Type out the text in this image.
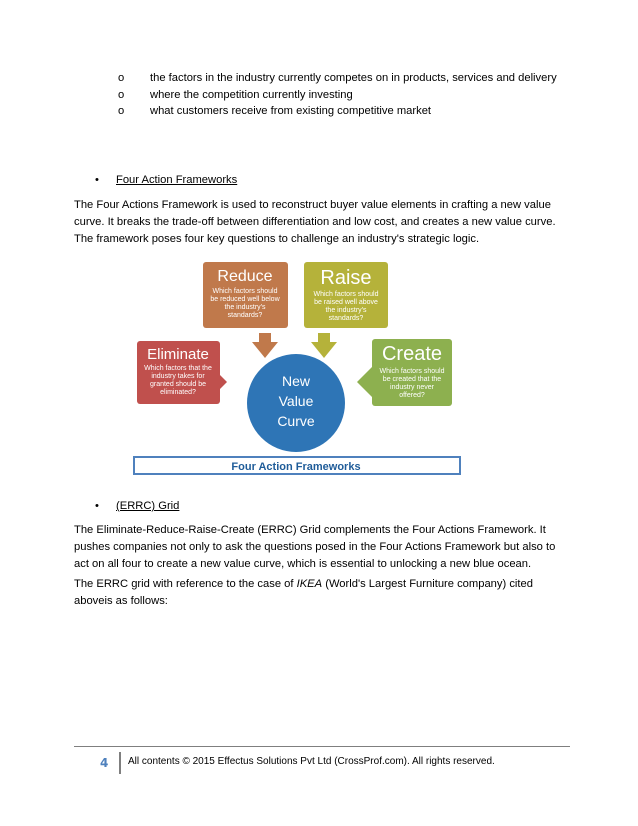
o the factors in the industry currently competes on in products, services and delivery
o where the competition currently investing
o what customers receive from existing competitive market
• Four Action Frameworks

The Four Actions Framework is used to reconstruct buyer value elements in crafting a new value curve. It breaks the trade-off between differentiation and low cost, and creates a new value curve. The framework poses four key questions to challenge an industry's strategic logic.

New
Value
Curve
Eliminate
Which factors that the
industry takes for
granted should be
eliminated?
Reduce
Which factors should
be reduced well below
the industry's
standards?
Raise
Which factors should
be raised well above
the industry's
standards?
Create
Which factors should
be created that the
industry never
offered?
Four Action Frameworks
• (ERRC) Grid

The Eliminate-Reduce-Raise-Create (ERRC) Grid complements the Four Actions Framework. It pushes companies not only to ask the questions posed in the Four Actions Framework but also to act on all four to create a new value curve, which is essential to unlocking a new blue ocean.

The ERRC grid with reference to the case of IKEA (World's Largest Furniture company) cited aboveis as follows:

4 All contents © 2015 Effectus Solutions Pvt Ltd (CrossProf.com). All rights reserved.
